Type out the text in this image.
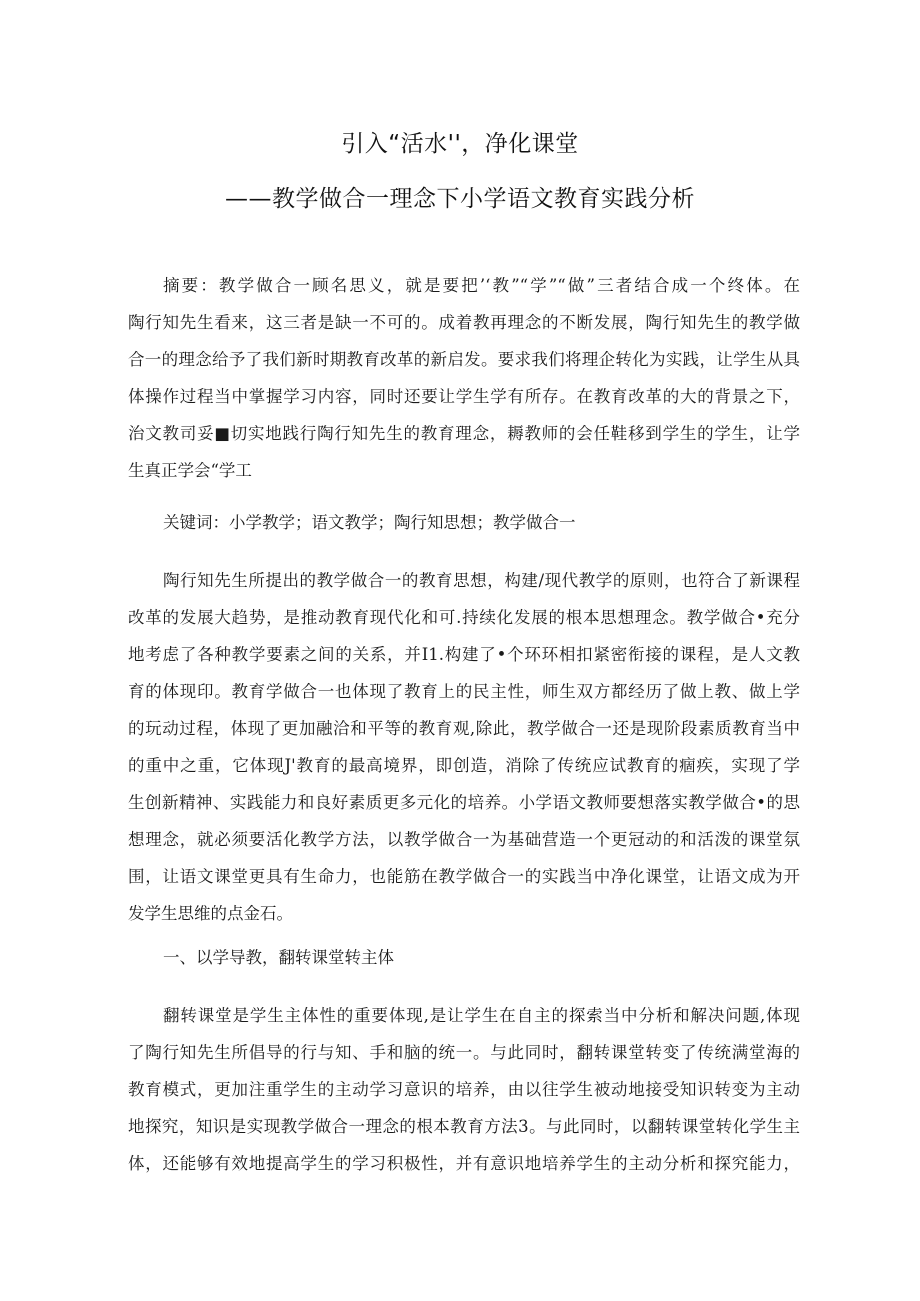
引入“活水''，净化课堂
——教学做合一理念下小学语文教育实践分析
摘要：教学做合一顾名思义，就是要把’‘教”“学”“做”三者结合成一个终体。在
陶行知先生看来，这三者是缺一不可的。成着教再理念的不断发展，陶行知先生的教学做
合一的理念给予了我们新时期教育改革的新启发。要求我们将理企转化为实践，让学生从具
体操作过程当中掌握学习内容，同时还要让学生学有所存。在教育改革的大的背景之下，
治文教司妥■切实地践行陶行知先生的教育理念，耨教师的会任鞋移到学生的学生，让学
生真正学会“学工
关键词：小学教学；语文教学；陶行知思想；教学做合一
陶行知先生所提出的教学做合一的教育思想，构建/现代教学的原则，也符合了新课程
改革的发展大趋势，是推动教育现代化和可.持续化发展的根本思想理念。教学做合•充分
地考虑了各种教学要素之间的关系，并I1.构建了•个环环相扣紧密衔接的课程，是人文教
育的体现印。教育学做合一也体现了教育上的民主性，师生双方都经历了做上教、做上学
的玩动过程，体现了更加融洽和平等的教育观,除此，教学做合一还是现阶段素质教育当中
的重中之重，它体现J'教育的最高境界，即创造，消除了传统应试教育的痼疾，实现了学
生创新精神、实践能力和良好素质更多元化的培养。小学语文教师要想落实教学做合•的思
想理念，就必须要活化教学方法，以教学做合一为基础营造一个更冠动的和活泼的课堂氛
围，让语文课堂更具有生命力，也能筋在教学做合一的实践当中净化课堂，让语文成为开
发学生思维的点金石。
一、以学导教，翻转课堂转主体
翻转课堂是学生主体性的重要体现,是让学生在自主的探索当中分析和解决问题,体现
了陶行知先生所倡导的行与知、手和脑的统一。与此同时，翻转课堂转变了传统满堂海的
教育模式，更加注重学生的主动学习意识的培养，由以往学生被动地接受知识转变为主动
地探究，知识是实现教学做合一理念的根本教育方法3。与此同时，以翻转课堂转化学生主
体，还能够有效地提高学生的学习积极性，并有意识地培养学生的主动分析和探究能力，
